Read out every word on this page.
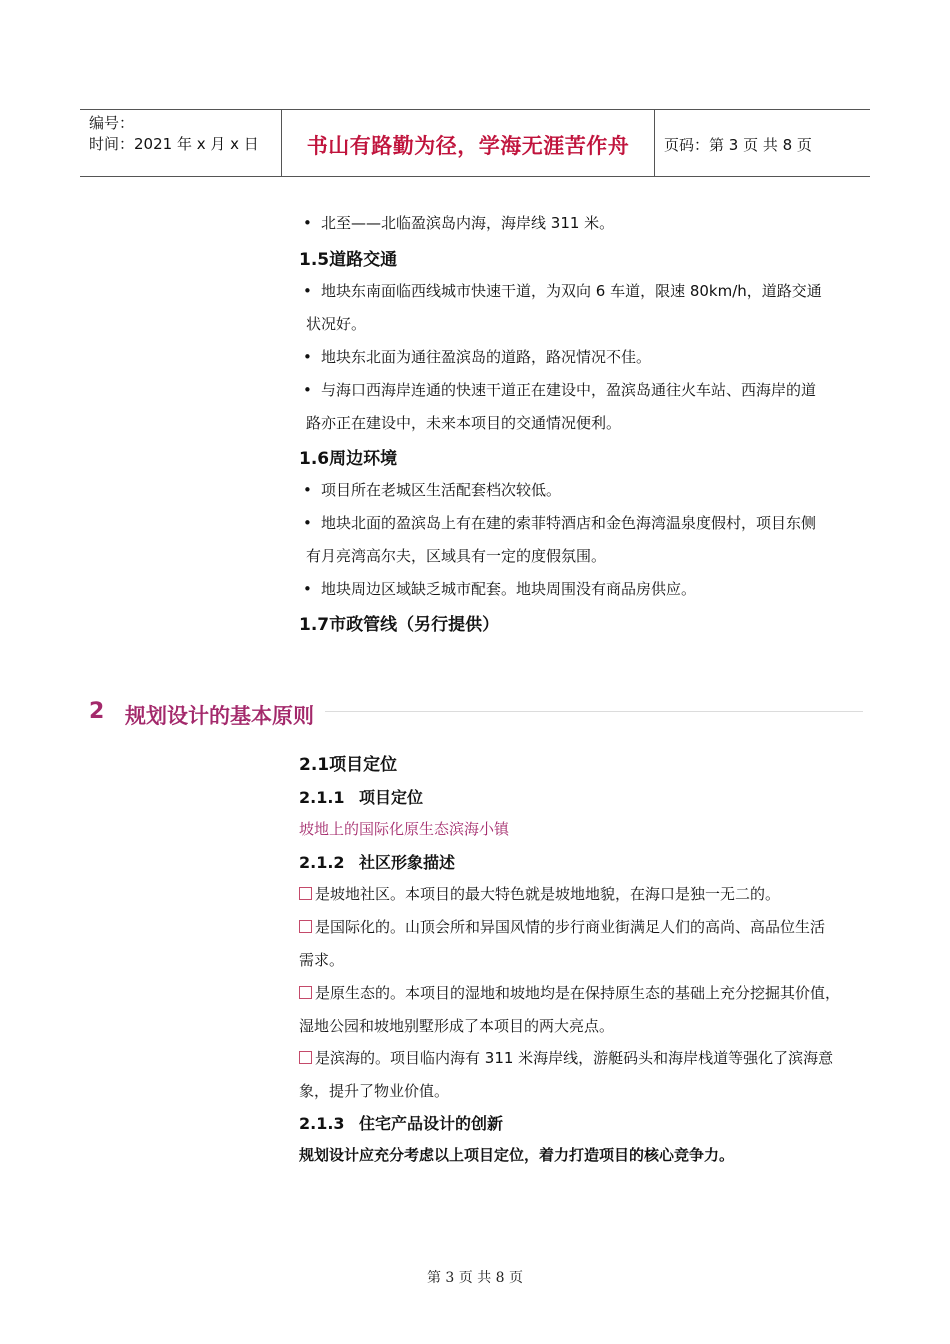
编号：
时间：2021 年 x 月 x 日	书山有路勤为径，学海无涯苦作舟	页码：第 3 页 共 8 页
• 北至——北临盈滨岛内海，海岸线 311 米。
1.5道路交通
• 地块东南面临西线城市快速干道，为双向 6 车道，限速 80km/h，道路交通
状况好。
• 地块东北面为通往盈滨岛的道路，路况情况不佳。
• 与海口西海岸连通的快速干道正在建设中，盈滨岛通往火车站、西海岸的道
路亦正在建设中，未来本项目的交通情况便利。
1.6周边环境
• 项目所在老城区生活配套档次较低。
• 地块北面的盈滨岛上有在建的索菲特酒店和金色海湾温泉度假村，项目东侧
有月亮湾高尔夫，区域具有一定的度假氛围。
• 地块周边区域缺乏城市配套。地块周围没有商品房供应。
1.7市政管线（另行提供）
2 规划设计的基本原则
2.1项目定位
2.1.1 项目定位
坡地上的国际化原生态滨海小镇
2.1.2 社区形象描述
是坡地社区。本项目的最大特色就是坡地地貌，在海口是独一无二的。
是国际化的。山顶会所和异国风情的步行商业街满足人们的高尚、高品位生活
需求。
是原生态的。本项目的湿地和坡地均是在保持原生态的基础上充分挖掘其价值，
湿地公园和坡地别墅形成了本项目的两大亮点。
是滨海的。项目临内海有 311 米海岸线，游艇码头和海岸栈道等强化了滨海意
象，提升了物业价值。
2.1.3 住宅产品设计的创新
规划设计应充分考虑以上项目定位，着力打造项目的核心竞争力。
第 3 页 共 8 页
